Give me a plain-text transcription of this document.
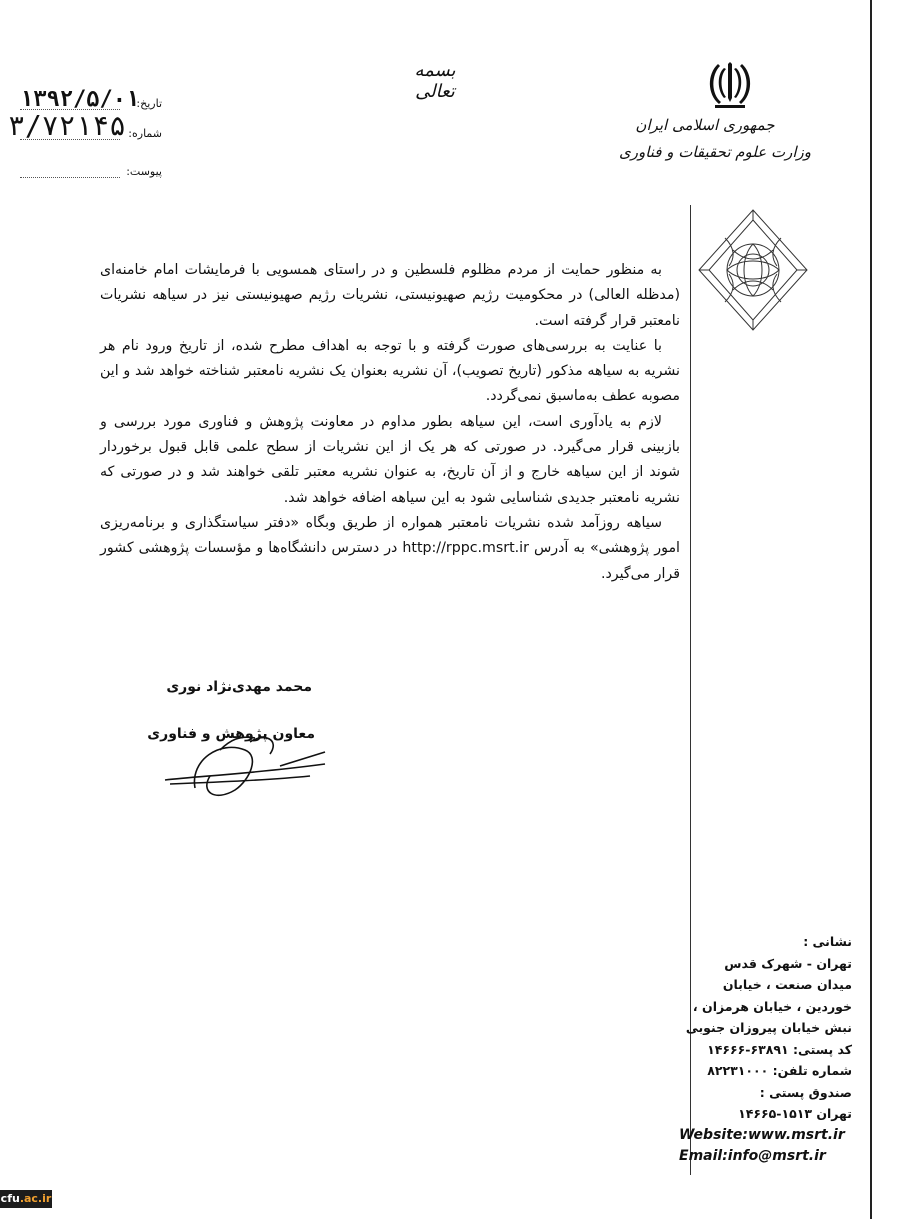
بسمه تعالی
جمهوری اسلامی ایران
وزارت علوم تحقیقات و فناوری
۱۳۹۲/۵/۰۱
تاریخ:
۳/۷۲۱۴۵ شماره:
پیوست:

به منظور حمایت از مردم مظلوم فلسطین و در راستای همسویی با فرمایشات امام خامنه‌ای (مدظله العالی) در محکومیت رژیم صهیونیستی، نشریات رژیم صهیونیستی نیز در سیاهه نشریات نامعتبر قرار گرفته است.

با عنایت به بررسی‌های صورت گرفته و با توجه به اهداف مطرح شده، از تاریخ ورود نام هر نشریه به سیاهه مذکور (تاریخ تصویب)، آن نشریه بعنوان یک نشریه نامعتبر شناخته خواهد شد و این مصوبه عطف به‌ماسبق نمی‌گردد.

لازم به یادآوری است، این سیاهه بطور مداوم در معاونت پژوهش و فناوری مورد بررسی و بازبینی قرار می‌گیرد. در صورتی که هر یک از این نشریات از سطح علمی قابل قبول برخوردار شوند از این سیاهه خارج و از آن تاریخ، به عنوان نشریه معتبر تلقی خواهند شد و در صورتی که نشریه نامعتبر جدیدی شناسایی شود به این سیاهه اضافه خواهد شد.

سیاهه روزآمد شده نشریات نامعتبر همواره از طریق وبگاه «دفتر سیاستگذاری و برنامه‌ریزی امور پژوهشی» به آدرس http://rppc.msrt.ir در دسترس دانشگاه‌ها و مؤسسات پژوهشی کشور قرار می‌گیرد.

محمد مهدی‌نژاد نوری
معاون پژوهش و فناوری
نشانی :
تهران - شهرک قدس
میدان صنعت ، خیابان
خوردین ، خیابان هرمزان ،
نبش خیابان پیروزان جنوبی
کد پستی: ۶۳۸۹۱-۱۴۶۶۶
شماره تلفن: ۸۲۲۳۱۰۰۰
صندوق پستی :
تهران ۱۵۱۳-۱۴۶۶۵
Website:www.msrt.ir
Email:info@msrt.ir
cfu.ac.ir
